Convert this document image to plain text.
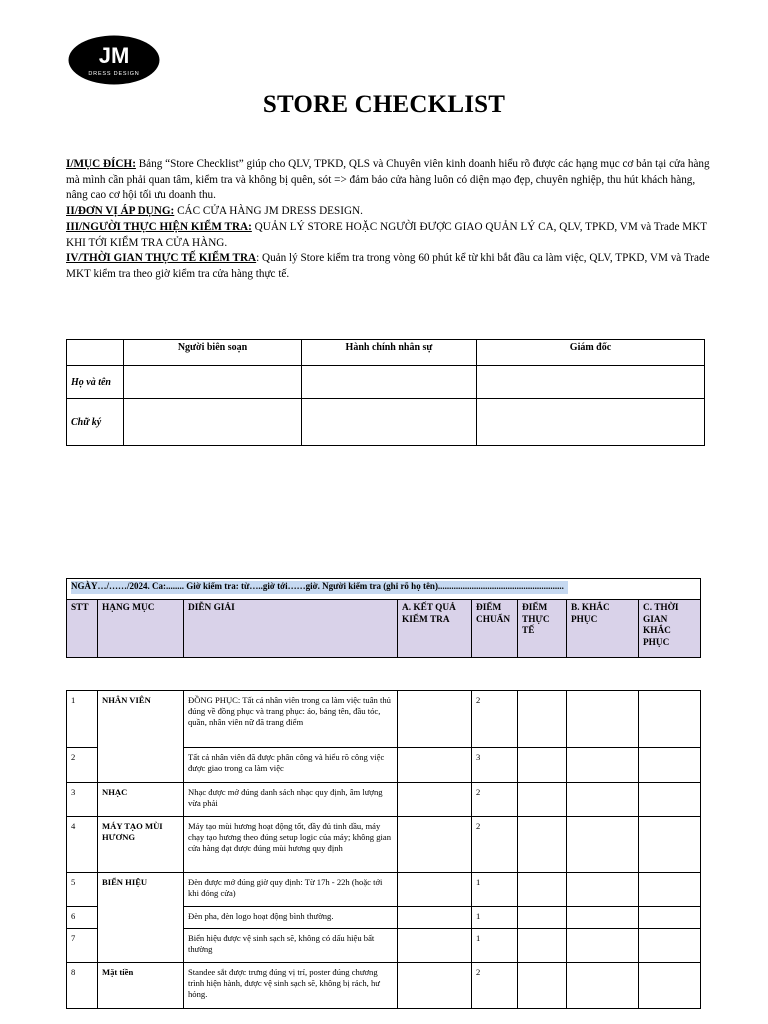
JM
DRESS DESIGN
STORE CHECKLIST

I/MỤC ĐÍCH: Bảng “Store Checklist” giúp cho QLV, TPKD, QLS và Chuyên viên kinh doanh hiểu rõ được các hạng mục cơ bản tại cửa hàng mà mình cần phải quan tâm, kiểm tra và không bị quên, sót => đảm bảo cửa hàng luôn có diện mạo đẹp, chuyên nghiệp, thu hút khách hàng, nâng cao cơ hội tối ưu doanh thu.

II/ĐƠN VỊ ÁP DỤNG: CÁC CỬA HÀNG JM DRESS DESIGN.

III/NGƯỜI THỰC HIỆN KIỂM TRA: QUẢN LÝ STORE HOẶC NGƯỜI ĐƯỢC GIAO QUẢN LÝ CA, QLV, TPKD, VM và Trade MKT KHI TỚI KIỂM TRA CỬA HÀNG.

IV/THỜI GIAN THỰC TẾ KIỂM TRA: Quản lý Store kiểm tra trong vòng 60 phút kể từ khi bắt đầu ca làm việc, QLV, TPKD, VM và Trade MKT kiểm tra theo giờ kiểm tra cửa hàng thực tế.

	Người biên soạn	Hành chính nhân sự	Giám đốc
Họ và tên			
Chữ ký			
NGÀY…/……/2024. Ca:........ Giờ kiểm tra: từ…..giờ tới……giờ. Người kiểm tra (ghi rõ họ tên)........................................................
STT	HẠNG MỤC	DIỄN GIẢI	A. KẾT QUẢ KIỂM TRA	ĐIỂM CHUẨN	ĐIỂM THỰC TẾ	B. KHẮC PHỤC	C. THỜI GIAN KHẮC PHỤC
1	NHÂN VIÊN	ĐỒNG PHỤC: Tất cả nhân viên trong ca làm việc tuân thủ đúng về đồng phục và trang phục: áo, bảng tên, đầu tóc, quần, nhân viên nữ đã trang điểm		2			
2		Tất cả nhân viên đã được phân công và hiểu rõ công việc được giao trong ca làm việc		3			
3	NHẠC	Nhạc được mở đúng danh sách nhạc quy định, âm lượng vừa phải		2			
4	MÁY TẠO MÙI HƯƠNG	Máy tạo mùi hương hoạt động tốt, đầy đủ tinh dầu, máy chạy tạo hương theo đúng setup logic của máy; không gian cửa hàng đạt được đúng mùi hương quy định		2			
5	BIỂN HIỆU	Đèn được mở đúng giờ quy định: Từ 17h - 22h (hoặc tới khi đóng cửa)		1			
6		Đèn pha, đèn logo hoạt động bình thường.		1			
7		Biển hiệu được vệ sinh sạch sẽ, không có dấu hiệu bất thường		1			
8	Mặt tiền	Standee sắt được trưng đúng vị trí, poster đúng chương trình hiện hành, được vệ sinh sạch sẽ, không bị rách, hư hỏng.		2			
